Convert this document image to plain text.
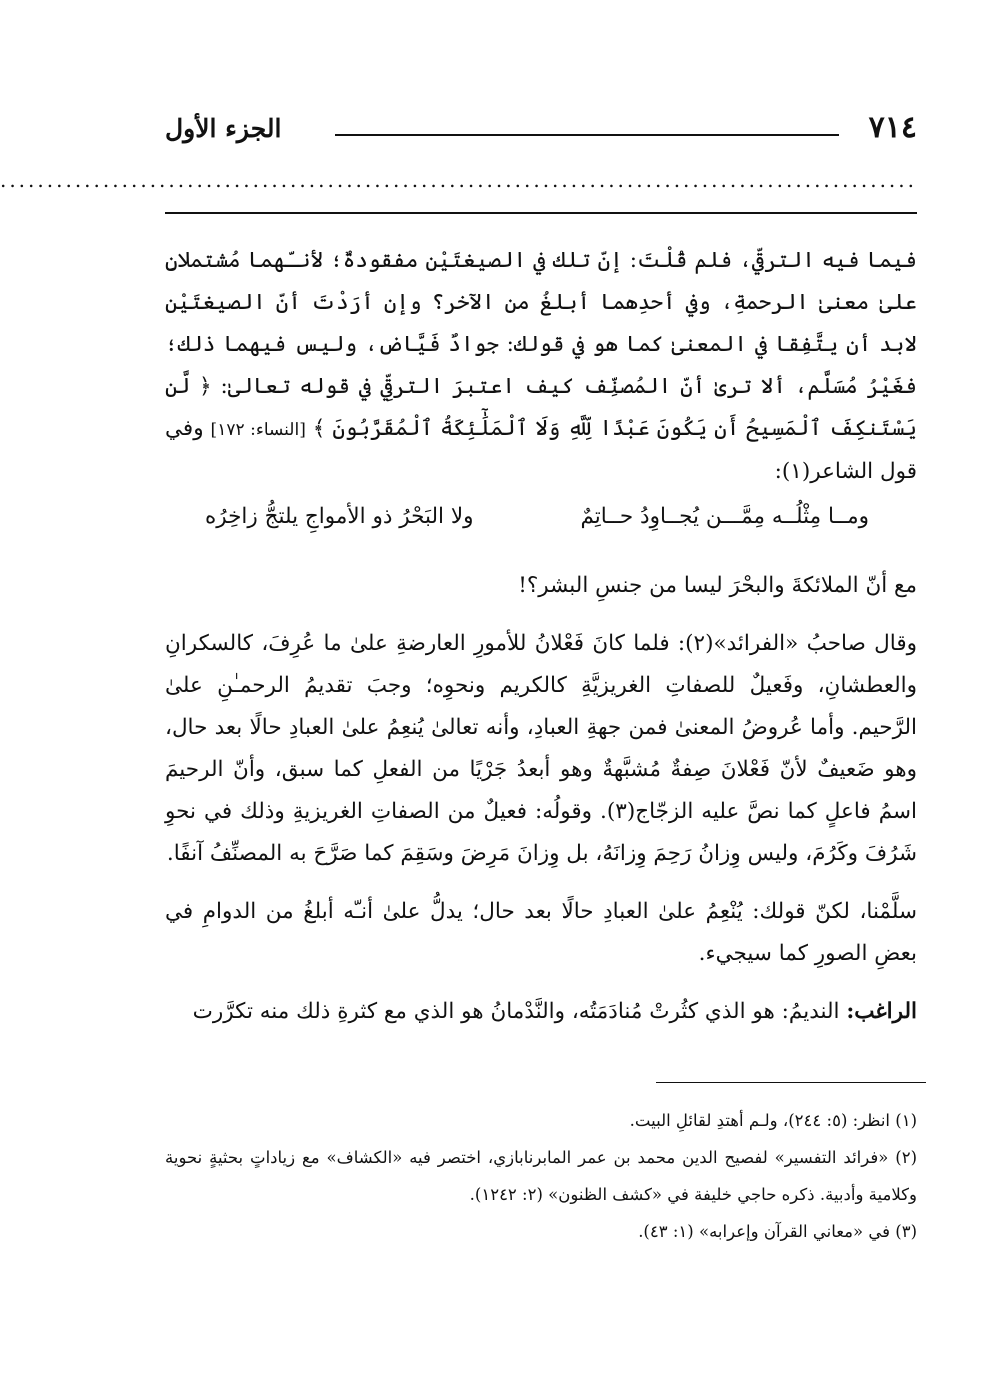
٧١٤
الجزء الأول
..................................................................................................

فيما فيه الترقّي، فلم قُلْتَ: إنّ تلك في الصيغتَيْن مفقودةٌ؛ لأنـّهما مُشتملانِ علىٰ معنىٰ الرحمةِ، وفي أحدِهما أبلغُ من الآخر؟ وإن أرَدْتَ أنّ الصيغتَيْن لابد أن يتَّفِقا في المعنىٰ كما هو في قولك: جوادٌ فَيَّاض، وليس فيهما ذلك؛ فغَيْرُ مُسَلَّم، ألا ترىٰ أنّ المُصنِّف كيف اعتبرَ الترقِّي في قوله تعالىٰ: ﴿ لَّن يَسْتَنكِفَ ٱلْمَسِيحُ أَن يَكُونَ عَبْدًا لِّلَّهِ وَلَا ٱلْمَلَٰٓئِكَةُ ٱلْمُقَرَّبُونَ ﴾ [النساء: ١٧٢] وفي قول الشاعر(١):

ومــا مِثْلُــه مِمَّـــن يُجــاوِدُ حــاتِمٌ
ولا البَحْرُ ذو الأمواجِ يلتجُّ زاخِرُه

مع أنّ الملائكةَ والبحْرَ ليسا من جنسِ البشر؟!

وقال صاحبُ «الفرائد»(٢): فلما كانَ فَعْلانُ للأمورِ العارضةِ علىٰ ما عُرِفَ، كالسكرانِ والعطشانِ، وفَعيلٌ للصفاتِ الغريزيَّةِ كالكريم ونحوِه؛ وجبَ تقديمُ الرحمـٰنِ علىٰ الرَّحيم. وأما عُروضُ المعنىٰ فمن جهةِ العبادِ، وأنه تعالىٰ يُنعِمُ علىٰ العبادِ حالًا بعد حال، وهو ضَعيفٌ لأنّ فَعْلانَ صِفةٌ مُشبَّهةٌ وهو أبعدُ جَرْيًا من الفعلِ كما سبق، وأنّ الرحيمَ اسمُ فاعلٍ كما نصَّ عليه الزجّاج(٣). وقولُه: فعيلٌ من الصفاتِ الغريزيةِ وذلك في نحوِ شَرُفَ وكَرُمَ، وليس وِزانُ رَحِمَ وِزانَهُ، بل وِزانَ مَرِضَ وسَقِمَ كما صَرَّحَ به المصنِّفُ آنفًا.

سلَّمْنا، لكنّ قولك: يُنْعِمُ علىٰ العبادِ حالًا بعد حال؛ يدلُّ علىٰ أنـّه أبلغُ من الدوامِ في بعضِ الصورِ كما سيجيء.

الراغب: النديمُ: هو الذي كثُرتْ مُنادَمَتُه، والنَّدْمانُ هو الذي مع كثرةِ ذلك منه تكرَّرت

(١) انظر: (٥: ٢٤٤)، ولـم أهتدِ لقائلِ البيت.

(٢) «فرائد التفسير» لفصيح الدين محمد بن عمر المابرنابازي، اختصر فيه «الكشاف» مع زياداتٍ بحثيةٍ نحوية وكلامية وأدبية. ذكره حاجي خليفة في «كشف الظنون» (٢: ١٢٤٢).

(٣) في «معاني القرآن وإعرابه» (١: ٤٣).
